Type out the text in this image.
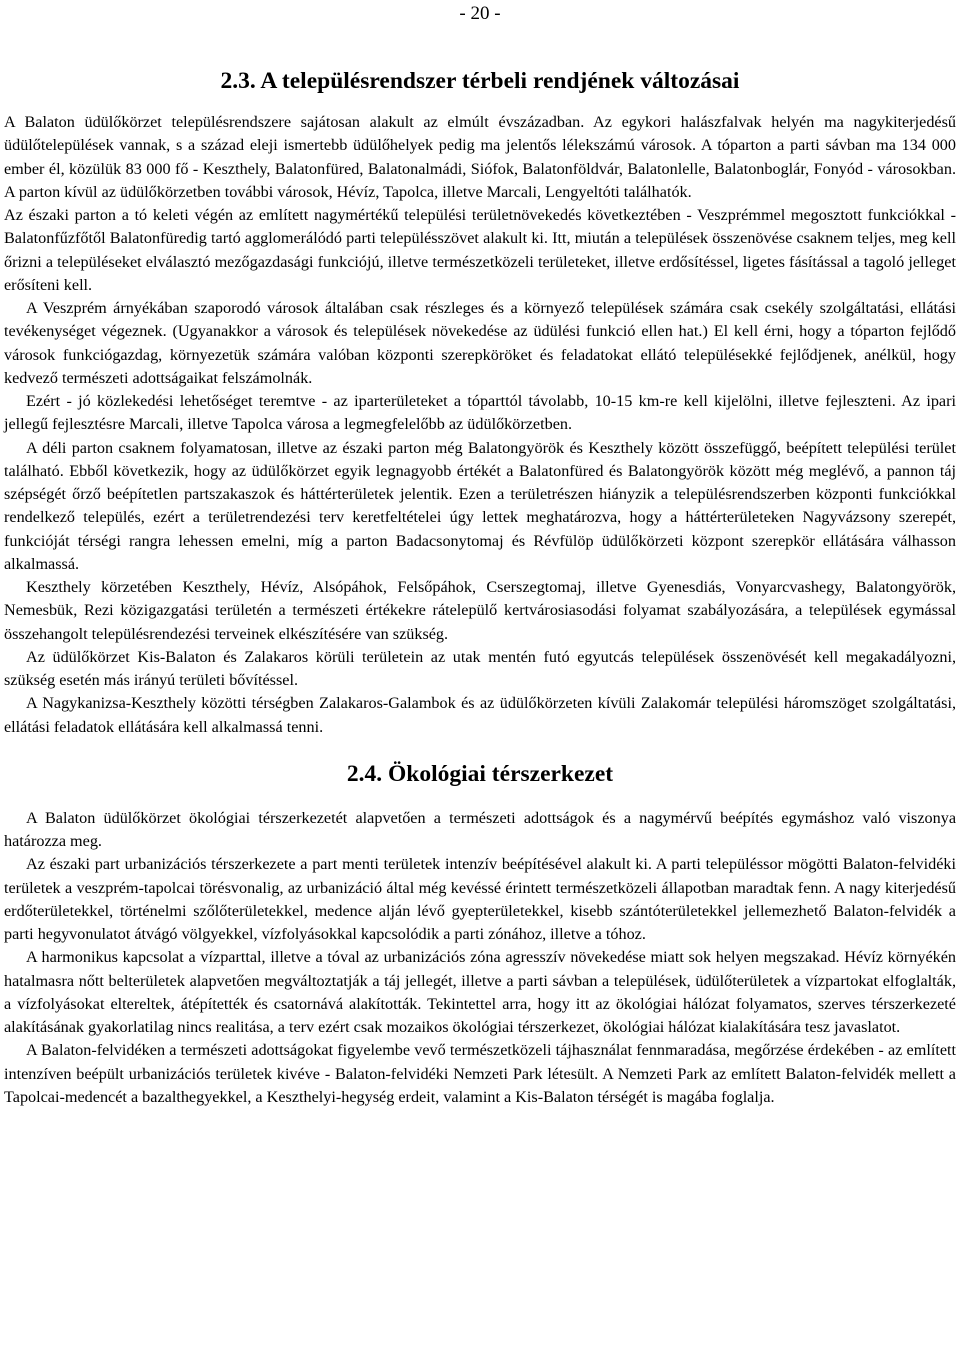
- 20 -
2.3. A településrendszer térbeli rendjének változásai

A Balaton üdülőkörzet településrendszere sajátosan alakult az elmúlt évszázadban. Az egykori halászfalvak helyén ma nagykiterjedésű üdülőtelepülések vannak, s a század eleji ismertebb üdülőhelyek pedig ma jelentős lélekszámú városok. A tóparton a parti sávban ma 134 000 ember él, közülük 83 000 fő - Keszthely, Balatonfüred, Balatonalmádi, Siófok, Balatonföldvár, Balatonlelle, Balatonboglár, Fonyód - városokban. A parton kívül az üdülőkörzetben további városok, Hévíz, Tapolca, illetve Marcali, Lengyeltóti találhatók.

Az északi parton a tó keleti végén az említett nagymértékű települési területnövekedés következtében - Veszprémmel megosztott funkciókkal - Balatonfűzfőtől Balatonfüredig tartó agglomerálódó parti településszövet alakult ki. Itt, miután a települések összenövése csaknem teljes, meg kell őrizni a településeket elválasztó mezőgazdasági funkciójú, illetve természetközeli területeket, illetve erdősítéssel, ligetes fásítással a tagoló jelleget erősíteni kell.

A Veszprém árnyékában szaporodó városok általában csak részleges és a környező települések számára csak csekély szolgáltatási, ellátási tevékenységet végeznek. (Ugyanakkor a városok és települések növekedése az üdülési funkció ellen hat.) El kell érni, hogy a tóparton fejlődő városok funkciógazdag, környezetük számára valóban központi szerepköröket és feladatokat ellátó településekké fejlődjenek, anélkül, hogy kedvező természeti adottságaikat felszámolnák.

Ezért - jó közlekedési lehetőséget teremtve - az iparterületeket a tóparttól távolabb, 10-15 km-re kell kijelölni, illetve fejleszteni. Az ipari jellegű fejlesztésre Marcali, illetve Tapolca városa a legmegfelelőbb az üdülőkörzetben.

A déli parton csaknem folyamatosan, illetve az északi parton még Balatongyörök és Keszthely között összefüggő, beépített települési terület található. Ebből következik, hogy az üdülőkörzet egyik legnagyobb értékét a Balatonfüred és Balatongyörök között még meglévő, a pannon táj szépségét őrző beépítetlen partszakaszok és háttérterületek jelentik. Ezen a területrészen hiányzik a településrendszerben központi funkciókkal rendelkező település, ezért a területrendezési terv keretfeltételei úgy lettek meghatározva, hogy a háttérterületeken Nagyvázsony szerepét, funkcióját térségi rangra lehessen emelni, míg a parton Badacsonytomaj és Révfülöp üdülőkörzeti központ szerepkör ellátására válhasson alkalmassá.

Keszthely körzetében Keszthely, Hévíz, Alsópáhok, Felsőpáhok, Cserszegtomaj, illetve Gyenesdiás, Vonyarcvashegy, Balatongyörök, Nemesbük, Rezi közigazgatási területén a természeti értékekre rátelepülő kertvárosiasodási folyamat szabályozására, a települések egymással összehangolt településrendezési terveinek elkészítésére van szükség.

Az üdülőkörzet Kis-Balaton és Zalakaros körüli területein az utak mentén futó egyutcás települések összenövését kell megakadályozni, szükség esetén más irányú területi bővítéssel.

A Nagykanizsa-Keszthely közötti térségben Zalakaros-Galambok és az üdülőkörzeten kívüli Zalakomár települési háromszöget szolgáltatási, ellátási feladatok ellátására kell alkalmassá tenni.

2.4. Ökológiai térszerkezet

A Balaton üdülőkörzet ökológiai térszerkezetét alapvetően a természeti adottságok és a nagymérvű beépítés egymáshoz való viszonya határozza meg.

Az északi part urbanizációs térszerkezete a part menti területek intenzív beépítésével alakult ki. A parti településsor mögötti Balaton-felvidéki területek a veszprém-tapolcai törésvonalig, az urbanizáció által még kevéssé érintett természetközeli állapotban maradtak fenn. A nagy kiterjedésű erdőterületekkel, történelmi szőlőterületekkel, medence alján lévő gyepterületekkel, kisebb szántóterületekkel jellemezhető Balaton-felvidék a parti hegyvonulatot átvágó völgyekkel, vízfolyásokkal kapcsolódik a parti zónához, illetve a tóhoz.

A harmonikus kapcsolat a vízparttal, illetve a tóval az urbanizációs zóna agresszív növekedése miatt sok helyen megszakad. Hévíz környékén hatalmasra nőtt belterületek alapvetően megváltoztatják a táj jellegét, illetve a parti sávban a települések, üdülőterületek a vízpartokat elfoglalták, a vízfolyásokat eltereltek, átépítették és csatornává alakították. Tekintettel arra, hogy itt az ökológiai hálózat folyamatos, szerves térszerkezeté alakításának gyakorlatilag nincs realitása, a terv ezért csak mozaikos ökológiai térszerkezet, ökológiai hálózat kialakítására tesz javaslatot.

A Balaton-felvidéken a természeti adottságokat figyelembe vevő természetközeli tájhasználat fennmaradása, megőrzése érdekében - az említett intenzíven beépült urbanizációs területek kivéve - Balaton-felvidéki Nemzeti Park létesült. A Nemzeti Park az említett Balaton-felvidék mellett a Tapolcai-medencét a bazalthegyekkel, a Keszthelyi-hegység erdeit, valamint a Kis-Balaton térségét is magába foglalja.
